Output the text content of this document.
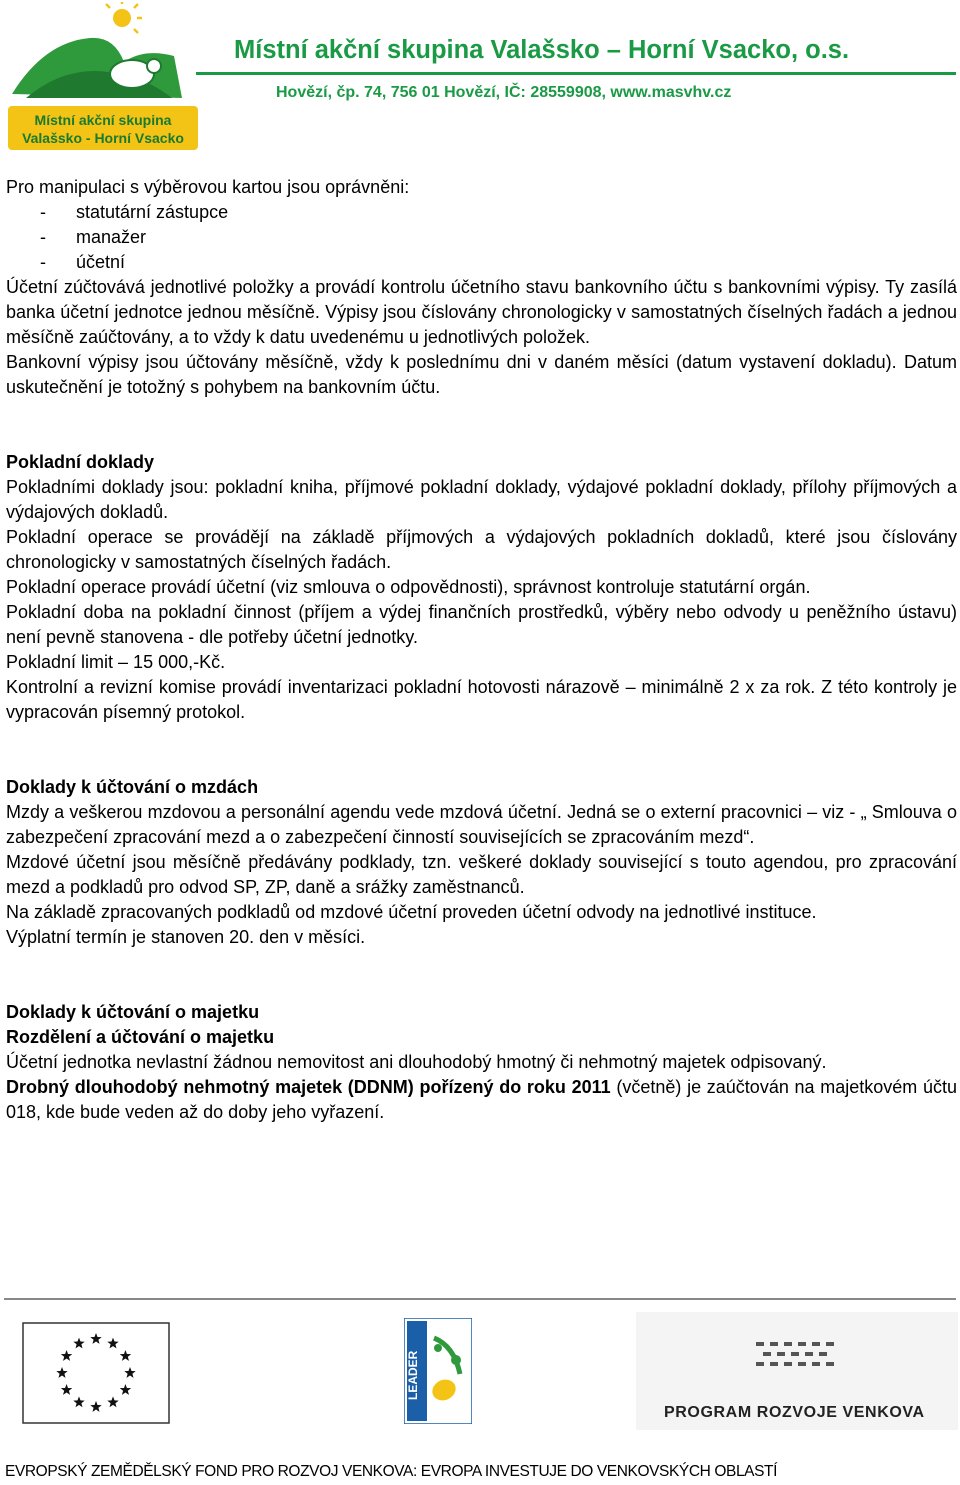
Místní akční skupina
Valašsko - Horní Vsacko
Místní akční skupina Valašsko – Horní Vsacko, o.s.
Hovězí, čp. 74, 756 01 Hovězí, IČ: 28559908, www.masvhv.cz

Pro manipulaci s výběrovou kartou jsou oprávněni:

- statutární zástupce
- manažer
- účetní

Účetní zúčtovává jednotlivé položky a provádí kontrolu účetního stavu bankovního účtu s bankovními výpisy. Ty zasílá banka účetní jednotce jednou měsíčně. Výpisy jsou číslovány chronologicky v samostatných číselných řadách a jednou měsíčně zaúčtovány, a to vždy k datu uvedenému u jednotlivých položek.

Bankovní výpisy jsou účtovány měsíčně, vždy k poslednímu dni v daném měsíci (datum vystavení dokladu). Datum uskutečnění je totožný s pohybem na bankovním účtu.

Pokladní doklady

Pokladními doklady jsou: pokladní kniha, příjmové pokladní doklady, výdajové pokladní doklady, přílohy příjmových a výdajových dokladů.

Pokladní operace se provádějí na základě příjmových a výdajových pokladních dokladů, které jsou číslovány chronologicky v samostatných číselných řadách.

Pokladní operace provádí účetní (viz smlouva o odpovědnosti), správnost kontroluje statutární orgán.

Pokladní doba na pokladní činnost (příjem a výdej finančních prostředků, výběry nebo odvody u peněžního ústavu) není pevně stanovena - dle potřeby účetní jednotky.

Pokladní limit – 15 000,-Kč.

Kontrolní a revizní komise provádí inventarizaci pokladní hotovosti nárazově – minimálně 2 x za rok. Z této kontroly je vypracován písemný protokol.

Doklady k účtování o mzdách

Mzdy a veškerou mzdovou a personální agendu vede mzdová účetní. Jedná se o externí pracovnici – viz - „ Smlouva o zabezpečení zpracování mezd a o zabezpečení činností souvisejících se zpracováním mezd“.

Mzdové účetní jsou měsíčně předávány podklady, tzn. veškeré doklady související s touto agendou, pro zpracování mezd a podkladů pro odvod SP, ZP, daně a srážky zaměstnanců.

Na základě zpracovaných podkladů od mzdové účetní proveden účetní odvody na jednotlivé instituce.

Výplatní termín je stanoven 20. den v měsíci.

Doklady k účtování o majetku

Rozdělení a účtování o majetku

Účetní jednotka nevlastní žádnou nemovitost ani dlouhodobý hmotný či nehmotný majetek odpisovaný.

Drobný dlouhodobý nehmotný majetek (DDNM) pořízený do roku 2011 (včetně) je zaúčtován na majetkovém účtu 018, kde bude veden až do doby jeho vyřazení.

LEADER
PROGRAM ROZVOJE VENKOVA
EVROPSKÝ ZEMĚDĚLSKÝ FOND PRO ROZVOJ VENKOVA: EVROPA INVESTUJE DO VENKOVSKÝCH OBLASTÍ
